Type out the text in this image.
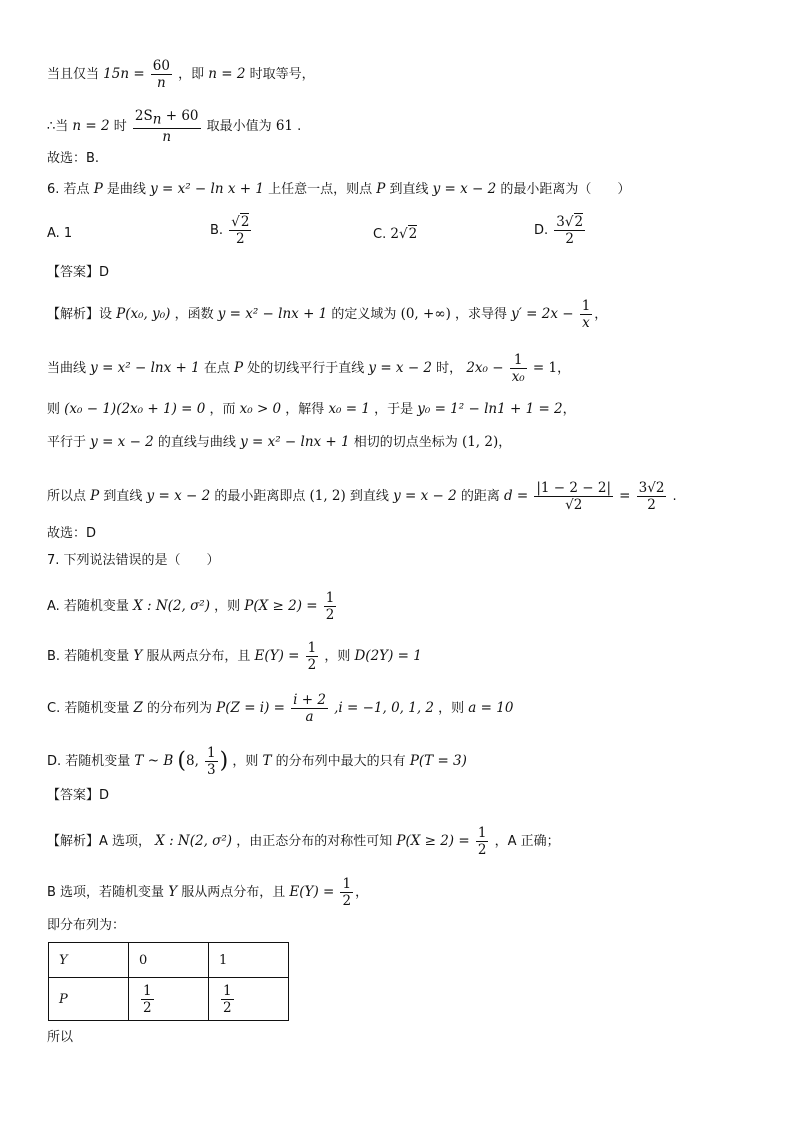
当且仅当 $15n = \frac{60}{n}$ ，即 n = 2 时取等号，
∴当 n = 2 时 $\frac{2S_n + 60}{n}$ 取最小值为 61 .
故选：B.
6. 若点 P 是曲线 y = x² − ln x + 1 上任意一点，则点 P 到直线 y = x − 2 的最小距离为（　　）
A. 1	B. $\frac{√2}{2}$	C. 2√2	D. $\frac{3√2}{2}$
【答案】D
【解析】设 P(x₀, y₀) ，函数 y = x² − lnx + 1 的定义域为 (0, +∞) ，求导得 $y' = 2x - \frac{1}{x}$ ，
当曲线 y = x² − lnx + 1 在点 P 处的切线平行于直线 y = x − 2 时， $2x_0 - \frac{1}{\text{x₀}} = 1$，
则 (x₀ − 1)(2x₀ + 1) = 0 ，而 x₀ > 0 ，解得 x₀ = 1 ，于是 y₀ = 1² − ln1 + 1 = 2，
平行于 y = x − 2 的直线与曲线 y = x² − lnx + 1 相切的切点坐标为 (1, 2)，
所以点 P 到直线 y = x − 2 的最小距离即点 (1, 2) 到直线 y = x − 2 的距离 $d = \frac{|1 - 2 - 2|}{√2} = \frac{3√2}{2}$ .
故选：D
7. 下列说法错误的是（　　）
A. 若随机变量 X : N(2, σ²) ，则 $P(X \ge 2) = \frac{1}{2}$
B. 若随机变量 Y 服从两点分布，且 $E(Y) = \frac{1}{2}$ ，则 D(2Y) = 1
C. 若随机变量 Z 的分布列为 $P(Z = i) = \frac{i + 2}{a} ,i = -1$, 0, 1, 2 ，则 a = 10
D. 若随机变量 T ~ B (8, $\frac{1}{3}$ ) ，则 T 的分布列中最大的只有 P(T = 3)
【答案】D
【解析】A 选项， X : N(2, σ²) ，由正态分布的对称性可知 $P(X \ge 2) = \frac{1}{2}$ ，A 正确；
B 选项，若随机变量 Y 服从两点分布，且 $E(Y) = \frac{1}{2}$ ，
即分布列为：
Y	0	1
P	$\frac{1}{2}$	$\frac{1}{2}$
所以
